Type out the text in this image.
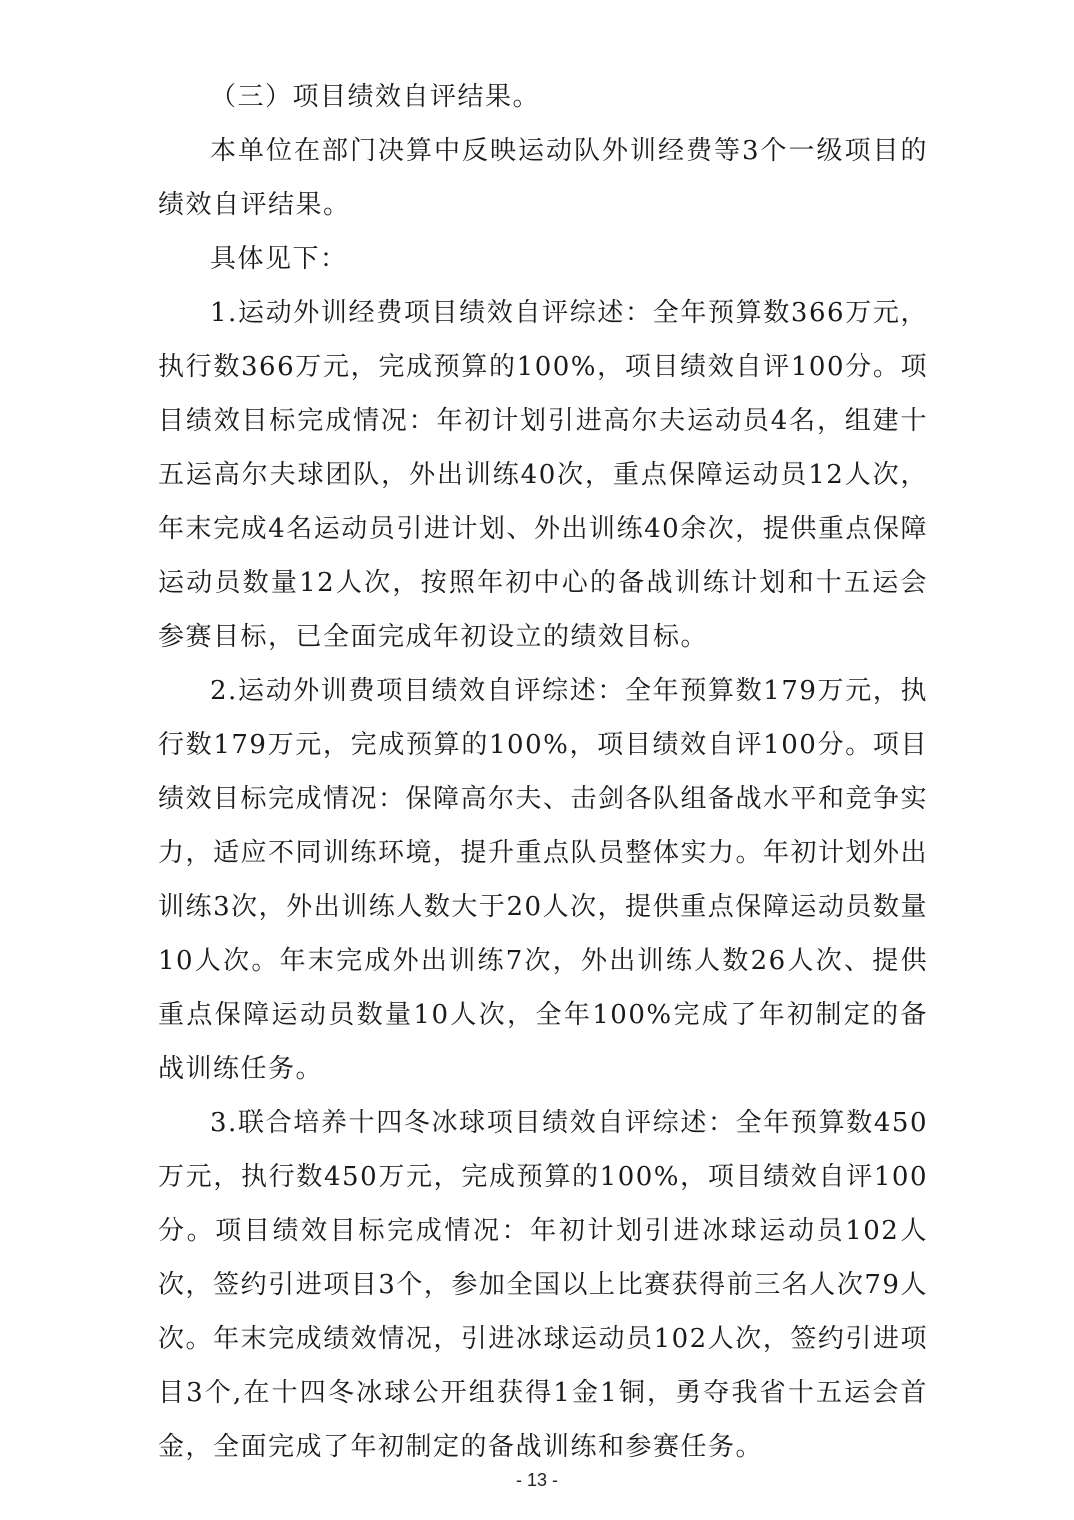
（三）项目绩效自评结果。

本单位在部门决算中反映运动队外训经费等3个一级项目的绩效自评结果。

具体见下：

1.运动外训经费项目绩效自评综述：全年预算数366万元，执行数366万元，完成预算的100%，项目绩效自评100分。项目绩效目标完成情况：年初计划引进高尔夫运动员4名，组建十五运高尔夫球团队，外出训练40次，重点保障运动员12人次，年末完成4名运动员引进计划、外出训练40余次，提供重点保障运动员数量12人次，按照年初中心的备战训练计划和十五运会参赛目标，已全面完成年初设立的绩效目标。

2.运动外训费项目绩效自评综述：全年预算数179万元，执行数179万元，完成预算的100%，项目绩效自评100分。项目绩效目标完成情况：保障高尔夫、击剑各队组备战水平和竞争实力，适应不同训练环境，提升重点队员整体实力。年初计划外出训练3次，外出训练人数大于20人次，提供重点保障运动员数量10人次。年末完成外出训练7次，外出训练人数26人次、提供重点保障运动员数量10人次，全年100%完成了年初制定的备战训练任务。

3.联合培养十四冬冰球项目绩效自评综述：全年预算数450万元，执行数450万元，完成预算的100%，项目绩效自评100分。项目绩效目标完成情况：年初计划引进冰球运动员102人次，签约引进项目3个，参加全国以上比赛获得前三名人次79人次。年末完成绩效情况，引进冰球运动员102人次，签约引进项目3个,在十四冬冰球公开组获得1金1铜，勇夺我省十五运会首金，全面完成了年初制定的备战训练和参赛任务。

- 13 -
